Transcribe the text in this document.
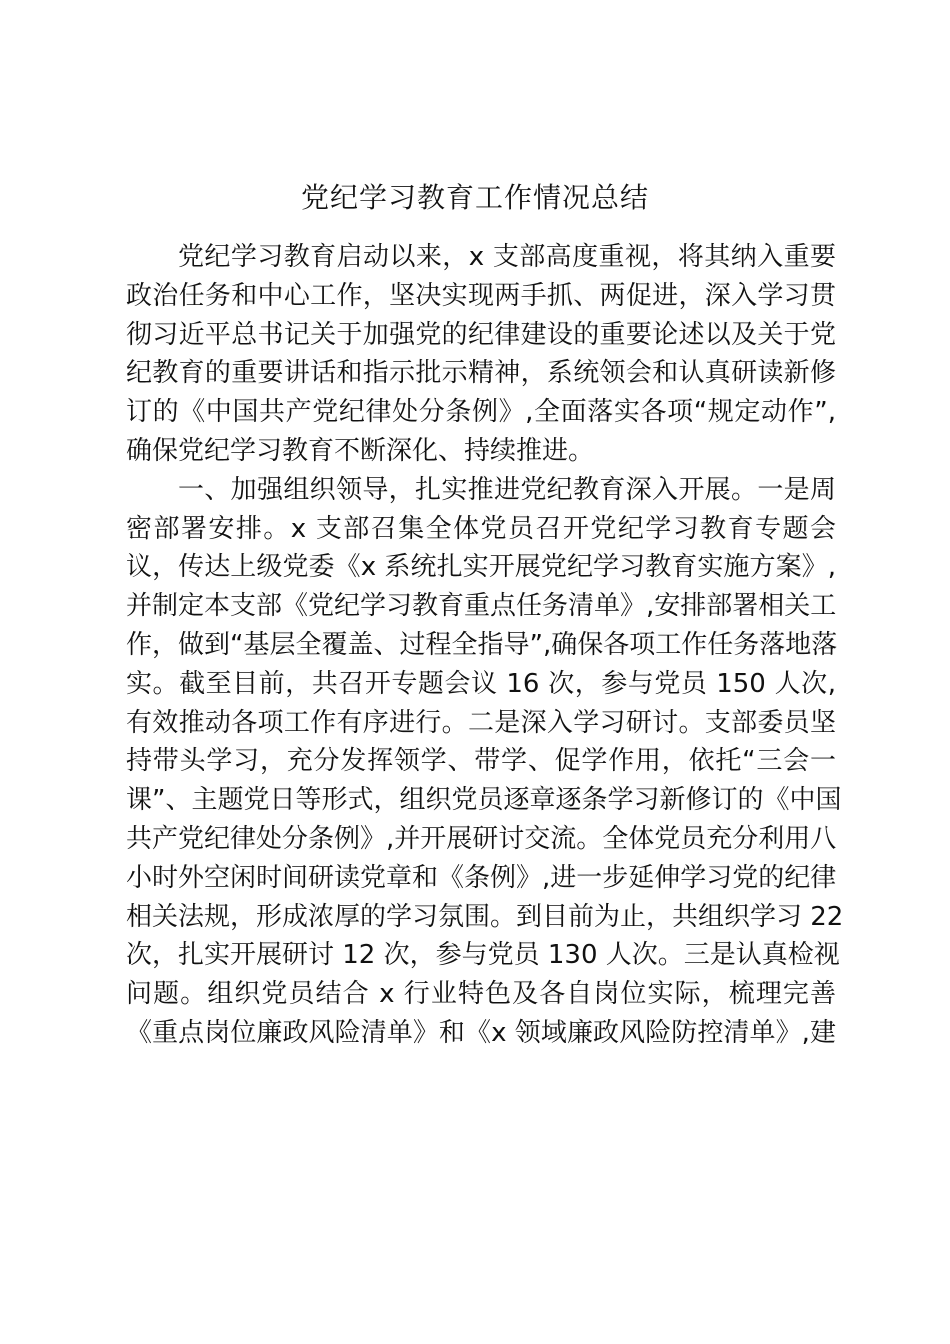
党纪学习教育工作情况总结
党纪学习教育启动以来，x 支部高度重视，将其纳入重要
政治任务和中心工作，坚决实现两手抓、两促进，深入学习贯
彻习近平总书记关于加强党的纪律建设的重要论述以及关于党
纪教育的重要讲话和指示批示精神，系统领会和认真研读新修
订的《中国共产党纪律处分条例》,全面落实各项“规定动作”,
确保党纪学习教育不断深化、持续推进。
一、加强组织领导，扎实推进党纪教育深入开展。一是周
密部署安排。x 支部召集全体党员召开党纪学习教育专题会
议，传达上级党委《x 系统扎实开展党纪学习教育实施方案》,
并制定本支部《党纪学习教育重点任务清单》,安排部署相关工
作，做到“基层全覆盖、过程全指导”,确保各项工作任务落地落
实。截至目前，共召开专题会议 16 次，参与党员 150 人次,
有效推动各项工作有序进行。二是深入学习研讨。支部委员坚
持带头学习，充分发挥领学、带学、促学作用，依托“三会一
课”、主题党日等形式，组织党员逐章逐条学习新修订的《中国
共产党纪律处分条例》,并开展研讨交流。全体党员充分利用八
小时外空闲时间研读党章和《条例》,进一步延伸学习党的纪律
相关法规，形成浓厚的学习氛围。到目前为止，共组织学习 22
次，扎实开展研讨 12 次，参与党员 130 人次。三是认真检视
问题。组织党员结合 x 行业特色及各自岗位实际，梳理完善
《重点岗位廉政风险清单》和《x 领域廉政风险防控清单》,建
